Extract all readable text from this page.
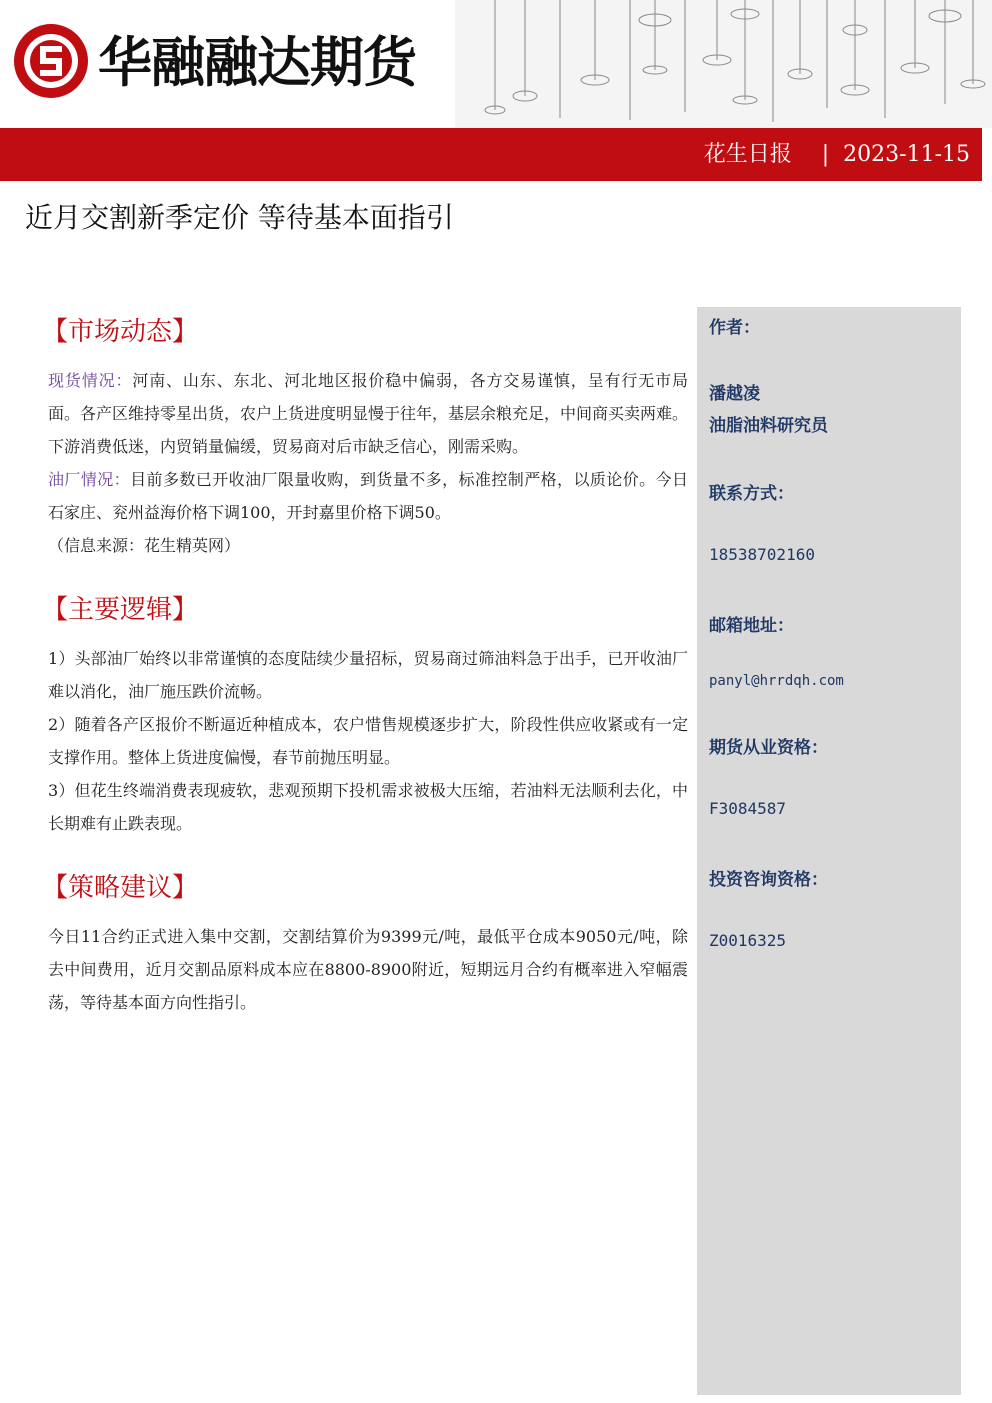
华融融达期货
花生日报 | 2023-11-15
近月交割新季定价 等待基本面指引
【市场动态】

现货情况：河南、山东、东北、河北地区报价稳中偏弱，各方交易谨慎，呈有行无市局面。各产区维持零星出货，农户上货进度明显慢于往年，基层余粮充足，中间商买卖两难。下游消费低迷，内贸销量偏缓，贸易商对后市缺乏信心，刚需采购。

油厂情况：目前多数已开收油厂限量收购，到货量不多，标准控制严格，以质论价。今日石家庄、兖州益海价格下调100，开封嘉里价格下调50。

（信息来源：花生精英网）

【主要逻辑】

1）头部油厂始终以非常谨慎的态度陆续少量招标，贸易商过筛油料急于出手，已开收油厂难以消化，油厂施压跌价流畅。

2）随着各产区报价不断逼近种植成本，农户惜售规模逐步扩大，阶段性供应收紧或有一定支撑作用。整体上货进度偏慢，春节前抛压明显。

3）但花生终端消费表现疲软，悲观预期下投机需求被极大压缩，若油料无法顺利去化，中长期难有止跌表现。

【策略建议】

今日11合约正式进入集中交割，交割结算价为9399元/吨，最低平仓成本9050元/吨，除去中间费用，近月交割品原料成本应在8800-8900附近，短期远月合约有概率进入窄幅震荡，等待基本面方向性指引。

作者：
潘越凌
油脂油料研究员
联系方式：
18538702160
邮箱地址：
panyl@hrrdqh.com
期货从业资格：
F3084587
投资咨询资格：
Z0016325
